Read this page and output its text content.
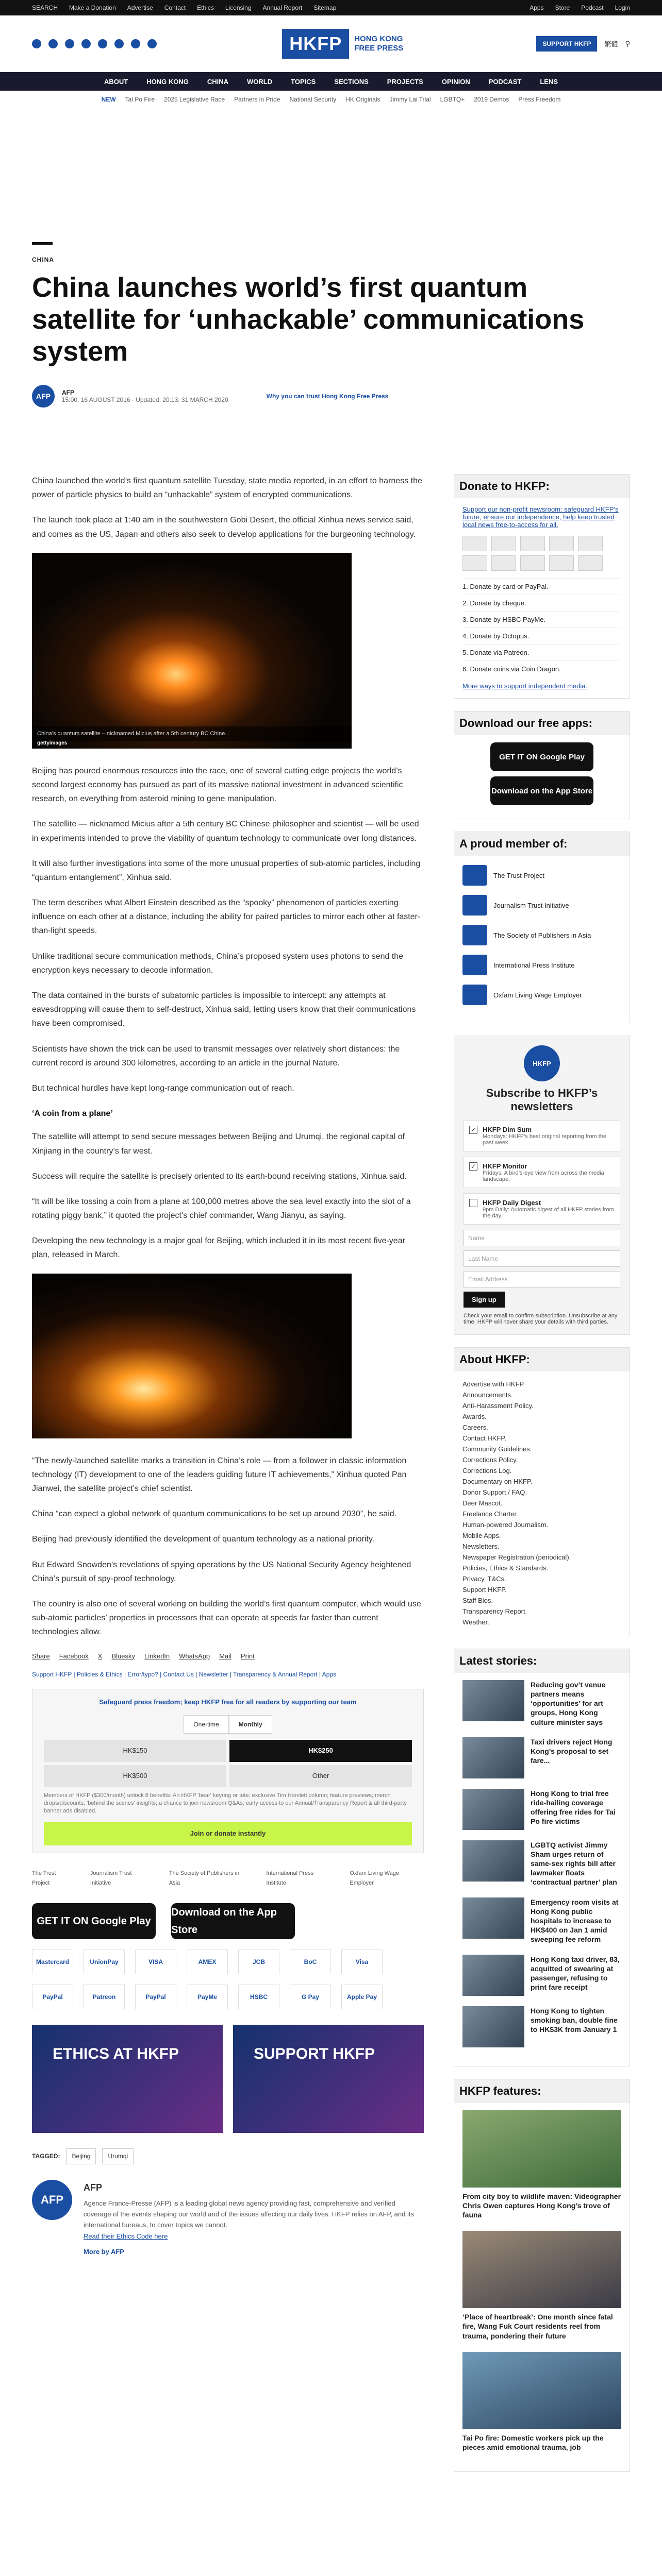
SEARCH Make a Donation Advertise Contact Ethics Licensing Annual Report Sitemap	Apps Store Podcast Login
HKFP	HONG KONG FREE PRESS	SUPPORT HKFP	繁體 ⚲
ABOUT	HONG KONG	CHINA	WORLD	TOPICS	SECTIONS	PROJECTS	OPINION	PODCAST	LENS
NEW Tai Po Fire 2025 Legislative Race Partners in Pride National Security HK Originals Jimmy Lai Trial LGBTQ+ 2019 Demos Press Freedom
CHINA
China launches world’s first quantum satellite for ‘unhackable’ communications system
AFP	AFP
15:00, 16 AUGUST 2016 · Updated: 20:13, 31 MARCH 2020	Why you can trust Hong Kong Free Press

China launched the world’s first quantum satellite Tuesday, state media reported, in an effort to harness the power of particle physics to build an “unhackable” system of encrypted communications.

The launch took place at 1:40 am in the southwestern Gobi Desert, the official Xinhua news service said, and comes as the US, Japan and others also seek to develop applications for the burgeoning technology.

China’s quantum satellite – nicknamed Micius after a 5th century BC Chine...
gettyimages

Beijing has poured enormous resources into the race, one of several cutting edge projects the world’s second largest economy has pursued as part of its massive national investment in advanced scientific research, on everything from asteroid mining to gene manipulation.

The satellite — nicknamed Micius after a 5th century BC Chinese philosopher and scientist — will be used in experiments intended to prove the viability of quantum technology to communicate over long distances.

It will also further investigations into some of the more unusual properties of sub-atomic particles, including “quantum entanglement”, Xinhua said.

The term describes what Albert Einstein described as the “spooky” phenomenon of particles exerting influence on each other at a distance, including the ability for paired particles to mirror each other at faster-than-light speeds.

Unlike traditional secure communication methods, China’s proposed system uses photons to send the encryption keys necessary to decode information.

The data contained in the bursts of subatomic particles is impossible to intercept: any attempts at eavesdropping will cause them to self-destruct, Xinhua said, letting users know that their communications have been compromised.

Scientists have shown the trick can be used to transmit messages over relatively short distances: the current record is around 300 kilometres, according to an article in the journal Nature.

But technical hurdles have kept long-range communication out of reach.

‘A coin from a plane’

The satellite will attempt to send secure messages between Beijing and Urumqi, the regional capital of Xinjiang in the country’s far west.

Success will require the satellite is precisely oriented to its earth-bound receiving stations, Xinhua said.

“It will be like tossing a coin from a plane at 100,000 metres above the sea level exactly into the slot of a rotating piggy bank,” it quoted the project’s chief commander, Wang Jianyu, as saying.

Developing the new technology is a major goal for Beijing, which included it in its most recent five-year plan, released in March.

“The newly-launched satellite marks a transition in China’s role — from a follower in classic information technology (IT) development to one of the leaders guiding future IT achievements,” Xinhua quoted Pan Jianwei, the satellite project’s chief scientist.

China “can expect a global network of quantum communications to be set up around 2030”, he said.

Beijing had previously identified the development of quantum technology as a national priority.

But Edward Snowden’s revelations of spying operations by the US National Security Agency heightened China’s pursuit of spy-proof technology.

The country is also one of several working on building the world’s first quantum computer, which would use sub-atomic particles’ properties in processors that can operate at speeds far faster than current technologies allow.

Share Facebook X Bluesky LinkedIn WhatsApp Mail Print
Support HKFP | Policies & Ethics | Error/typo? | Contact Us | Newsletter | Transparency & Annual Report | Apps
Safeguard press freedom; keep HKFP free for all readers by supporting our team
One-time	Monthly
HK$150	HK$250
HK$500	Other
Members of HKFP ($300/month) unlock 8 benefits: An HKFP 'bear' keyring or tote; exclusive Tim Hamlett column; feature previews; merch drops/discounts; 'behind the scenes' insights; a chance to join newsroom Q&As; early access to our Annual/Transparency Report & all third-party banner ads disabled.
Join or donate instantly
The Trust Project
Journalism Trust Initiative
The Society of Publishers in Asia
International Press Institute
Oxfam Living Wage Employer
GET IT ON Google Play
Download on the App Store
Mastercard	UnionPay	VISA	AMEX	JCB	BoC	Visa
PayPal	Patreon	PayPal	PayMe	HSBC	G Pay	Apple Pay
ETHICS AT HKFP	SUPPORT HKFP
TAGGED:	Beijing	Urumqi
AFP
AFP
Agence France-Presse (AFP) is a leading global news agency providing fast, comprehensive and verified coverage of the events shaping our world and of the issues affecting our daily lives. HKFP relies on AFP, and its international bureaus, to cover topics we cannot.
Read their Ethics Code here
More by AFP
Donate to HKFP:
Support our non-profit newsroom: safeguard HKFP’s future, ensure our independence, help keep trusted local news free-to-access for all.
1. Donate by card or PayPal.
2. Donate by cheque.
3. Donate by HSBC PayMe.
4. Donate by Octopus.
5. Donate via Patreon.
6. Donate coins via Coin Dragon.
More ways to support independent media.
Download our free apps:
GET IT ON Google Play
Download on the App Store
A proud member of:
The Trust Project
Journalism Trust Initiative
The Society of Publishers in Asia
International Press Institute
Oxfam Living Wage Employer
HKFP
Subscribe to HKFP’s newsletters
✓ HKFP Dim Sum
Mondays: HKFP’s best original reporting from the past week.
✓ HKFP Monitor
Fridays: A bird’s-eye view from across the media landscape.
HKFP Daily Digest
9pm Daily: Automatic digest of all HKFP stories from the day.
Name
Last Name
Email Address
Sign up
Check your email to confirm subscription. Unsubscribe at any time. HKFP will never share your details with third parties.
About HKFP:
Advertise with HKFP.
Announcements.
Anti-Harassment Policy.
Awards.
Careers.
Contact HKFP.
Community Guidelines.
Corrections Policy.
Corrections Log.
Documentary on HKFP.
Donor Support / FAQ.
Deer Mascot.
Freelance Charter.
Human-powered Journalism.
Mobile Apps.
Newsletters.
Newspaper Registration (periodical).
Policies, Ethics & Standards.
Privacy, T&Cs.
Support HKFP.
Staff Bios.
Transparency Report.
Weather.
Latest stories:
Reducing gov’t venue partners means ‘opportunities’ for art groups, Hong Kong culture minister says
Taxi drivers reject Hong Kong’s proposal to set fare...
Hong Kong to trial free ride-hailing coverage offering free rides for Tai Po fire victims
LGBTQ activist Jimmy Sham urges return of same-sex rights bill after lawmaker floats ‘contractual partner’ plan
Emergency room visits at Hong Kong public hospitals to increase to HK$400 on Jan 1 amid sweeping fee reform
Hong Kong taxi driver, 83, acquitted of swearing at passenger, refusing to print fare receipt
Hong Kong to tighten smoking ban, double fine to HK$3K from January 1
HKFP features:
From city boy to wildlife maven: Videographer Chris Owen captures Hong Kong’s trove of fauna
‘Place of heartbreak’: One month since fatal fire, Wang Fuk Court residents reel from trauma, pondering their future
Tai Po fire: Domestic workers pick up the pieces amid emotional trauma, job
